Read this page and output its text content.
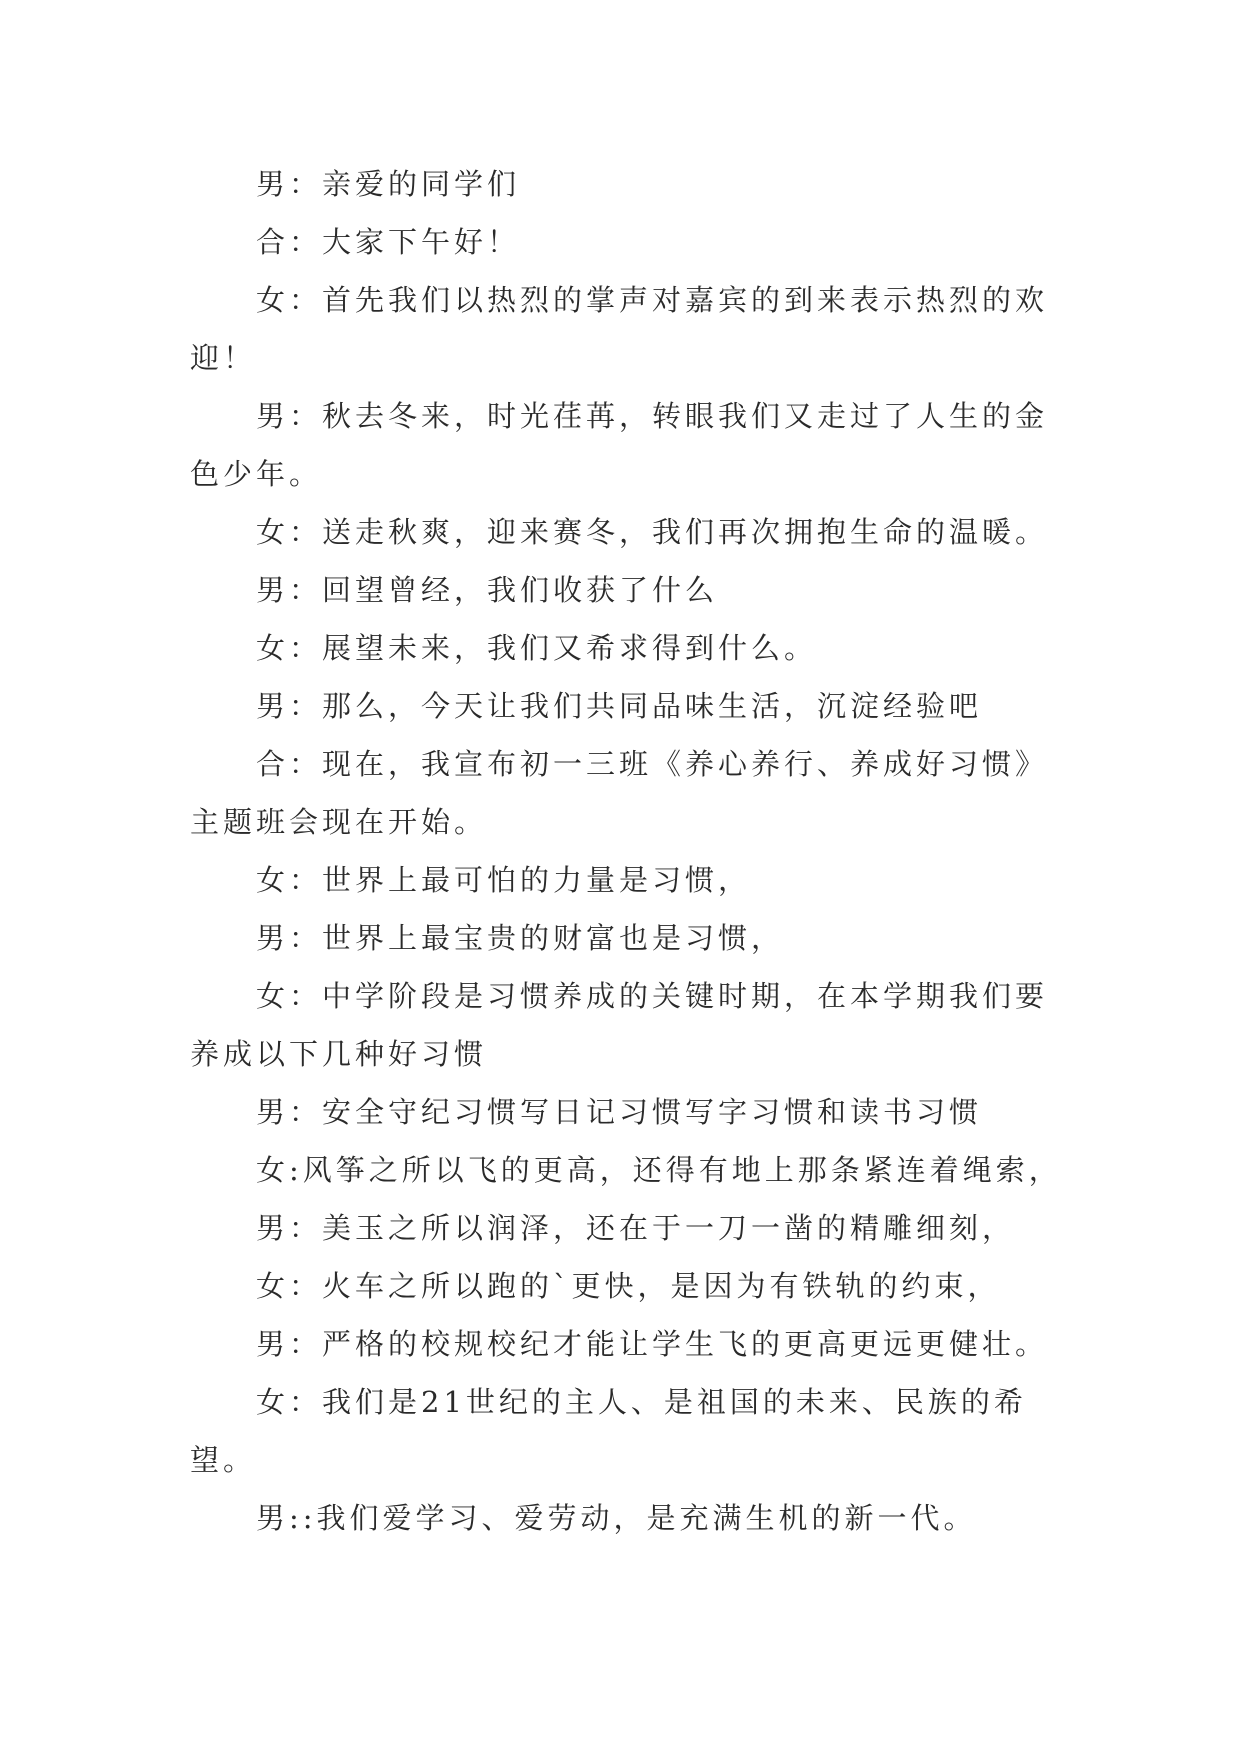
男：亲爱的同学们

合：大家下午好！

女：首先我们以热烈的掌声对嘉宾的到来表示热烈的欢迎！

男：秋去冬来，时光荏苒，转眼我们又走过了人生的金色少年。

女：送走秋爽，迎来赛冬，我们再次拥抱生命的温暖。

男：回望曾经，我们收获了什么

女：展望未来，我们又希求得到什么。

男：那么，今天让我们共同品味生活，沉淀经验吧

合：现在，我宣布初一三班《养心养行、养成好习惯》主题班会现在开始。

女：世界上最可怕的力量是习惯，

男：世界上最宝贵的财富也是习惯，

女：中学阶段是习惯养成的关键时期，在本学期我们要养成以下几种好习惯

男：安全守纪习惯写日记习惯写字习惯和读书习惯

女:风筝之所以飞的更高，还得有地上那条紧连着绳索，

男：美玉之所以润泽，还在于一刀一凿的精雕细刻，

女：火车之所以跑的`更快，是因为有铁轨的约束，

男：严格的校规校纪才能让学生飞的更高更远更健壮。

女：我们是21世纪的主人、是祖国的未来、民族的希望。

男::我们爱学习、爱劳动，是充满生机的新一代。
